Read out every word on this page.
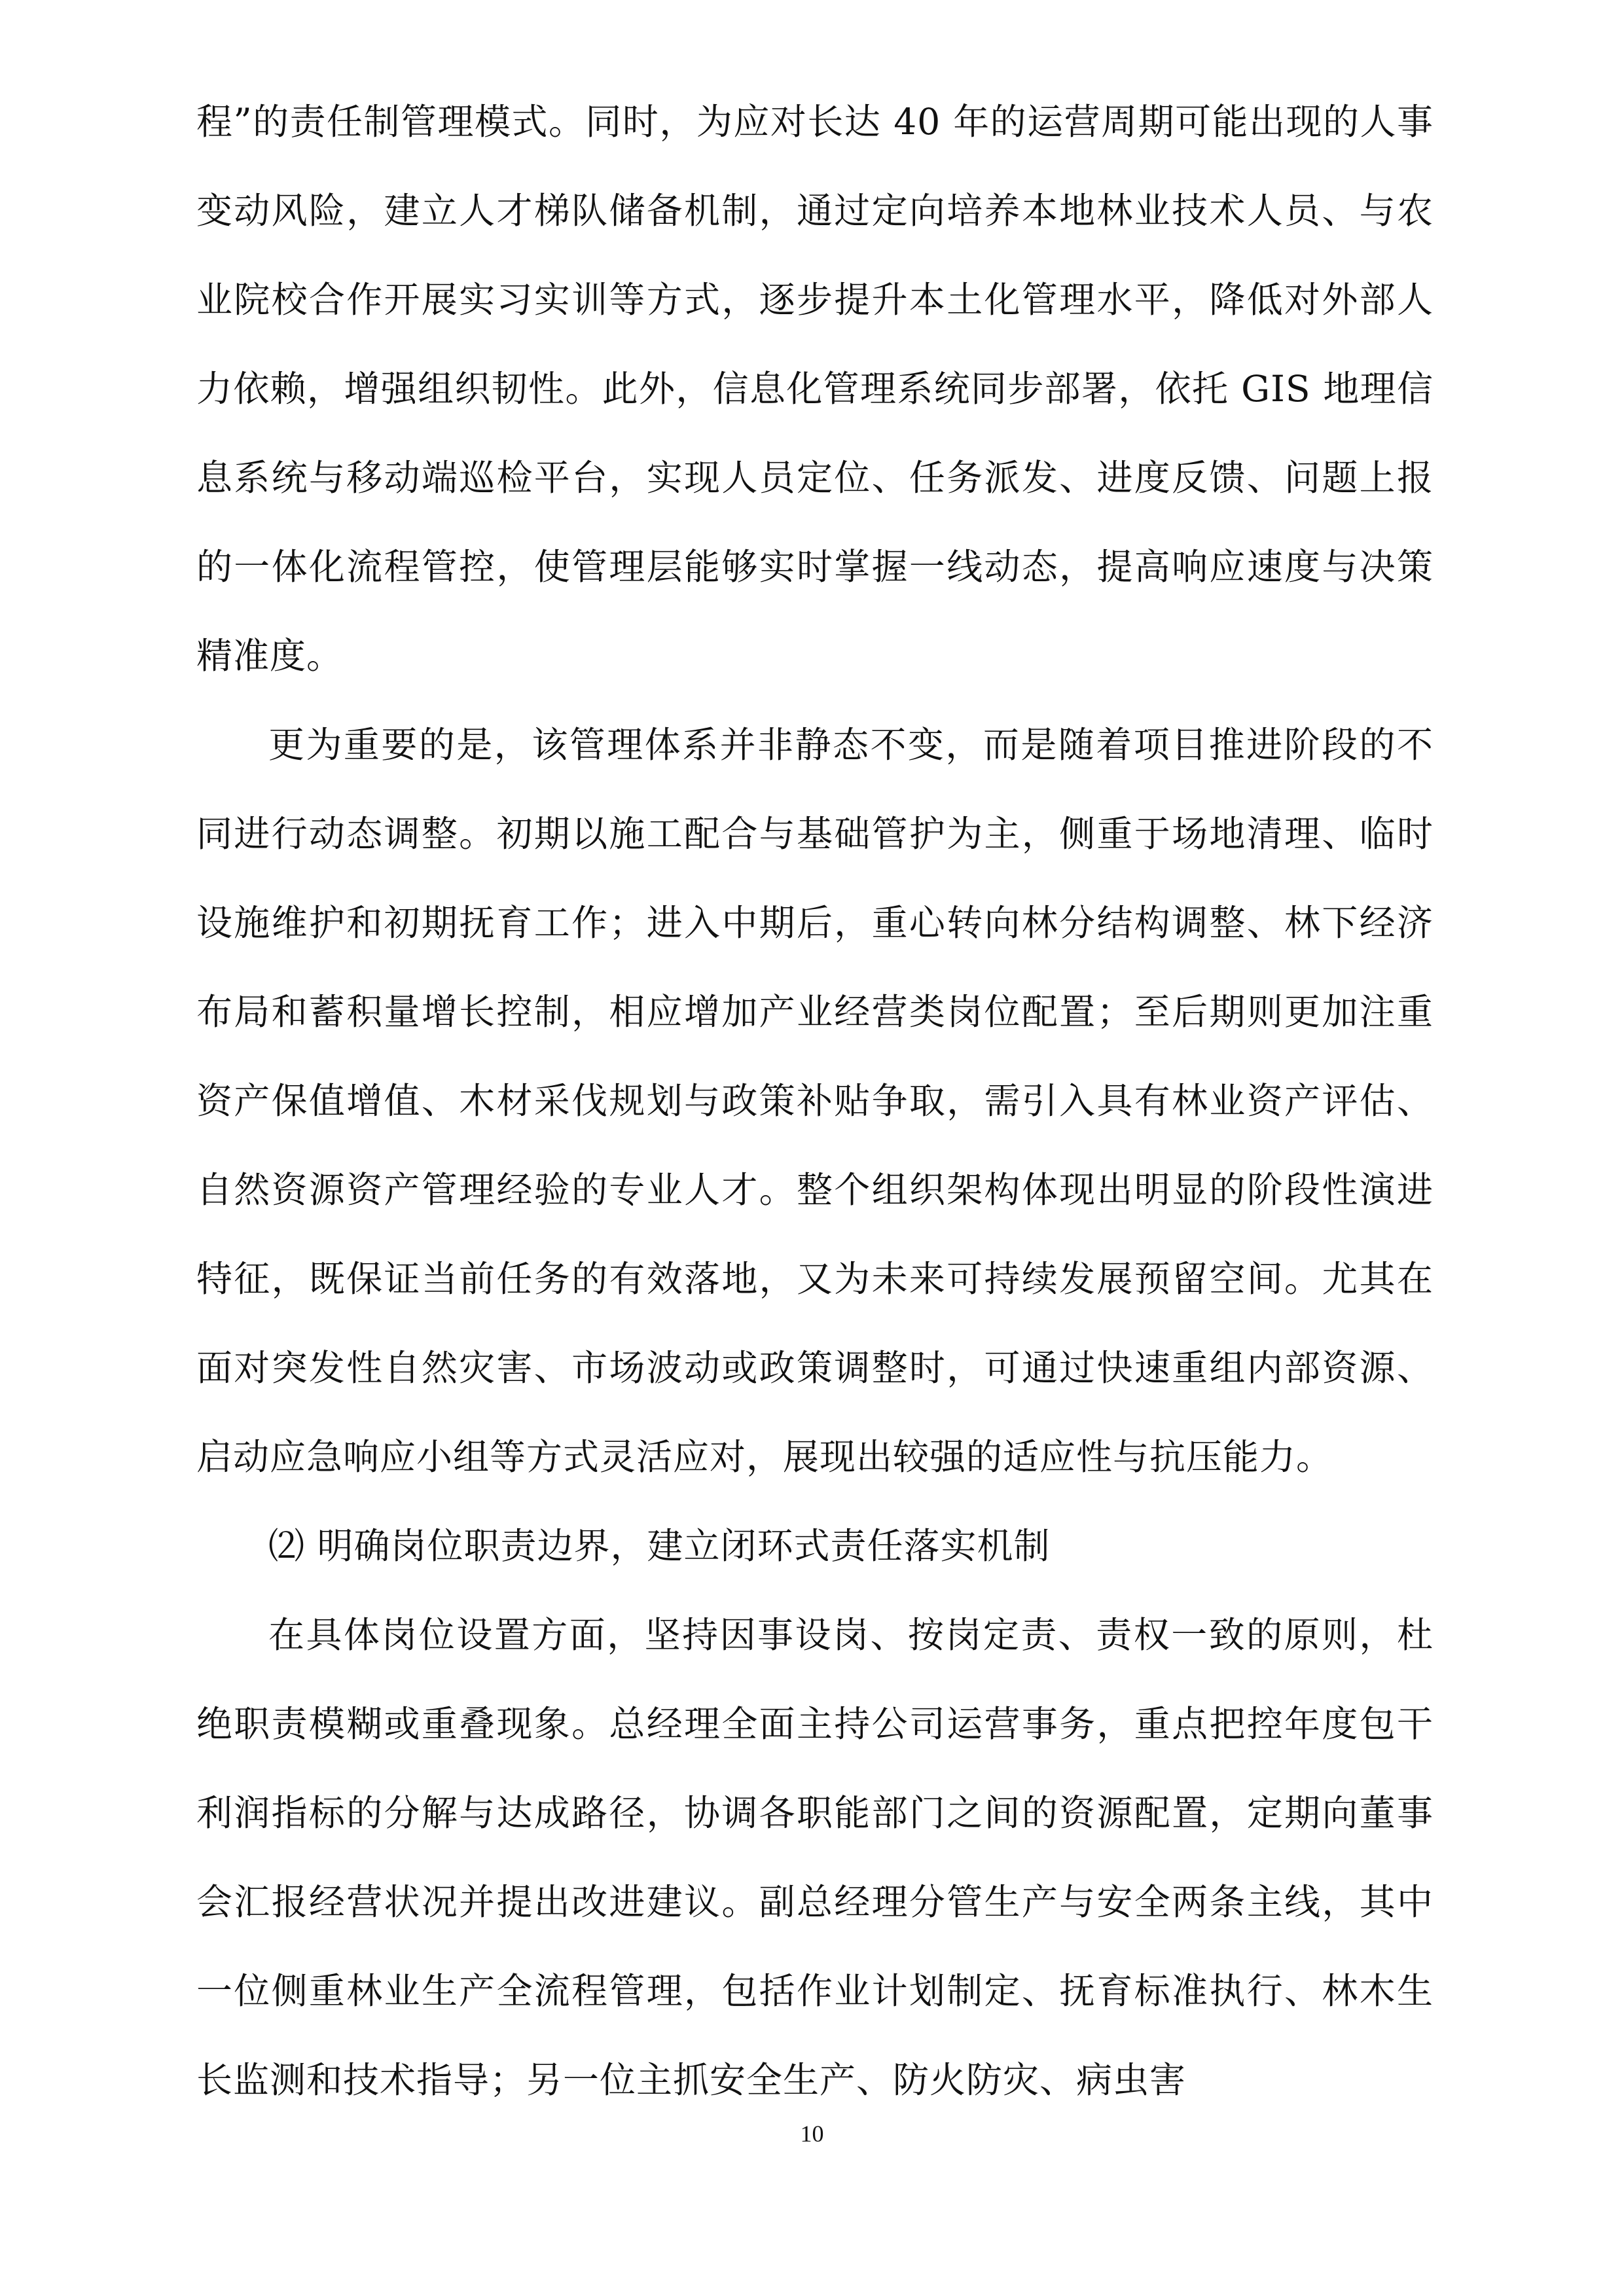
程”的责任制管理模式。同时，为应对长达 40 年的运营周期可能出现的人事变动风险，建立人才梯队储备机制，通过定向培养本地林业技术人员、与农业院校合作开展实习实训等方式，逐步提升本土化管理水平，降低对外部人力依赖，增强组织韧性。此外，信息化管理系统同步部署，依托 GIS 地理信息系统与移动端巡检平台，实现人员定位、任务派发、进度反馈、问题上报的一体化流程管控，使管理层能够实时掌握一线动态，提高响应速度与决策精准度。

更为重要的是，该管理体系并非静态不变，而是随着项目推进阶段的不同进行动态调整。初期以施工配合与基础管护为主，侧重于场地清理、临时设施维护和初期抚育工作；进入中期后，重心转向林分结构调整、林下经济布局和蓄积量增长控制，相应增加产业经营类岗位配置；至后期则更加注重资产保值增值、木材采伐规划与政策补贴争取，需引入具有林业资产评估、自然资源资产管理经验的专业人才。整个组织架构体现出明显的阶段性演进特征，既保证当前任务的有效落地，又为未来可持续发展预留空间。尤其在面对突发性自然灾害、市场波动或政策调整时，可通过快速重组内部资源、启动应急响应小组等方式灵活应对，展现出较强的适应性与抗压能力。

⑵ 明确岗位职责边界，建立闭环式责任落实机制

在具体岗位设置方面，坚持因事设岗、按岗定责、责权一致的原则，杜绝职责模糊或重叠现象。总经理全面主持公司运营事务，重点把控年度包干利润指标的分解与达成路径，协调各职能部门之间的资源配置，定期向董事会汇报经营状况并提出改进建议。副总经理分管生产与安全两条主线，其中一位侧重林业生产全流程管理，包括作业计划制定、抚育标准执行、林木生长监测和技术指导；另一位主抓安全生产、防火防灾、病虫害

10
